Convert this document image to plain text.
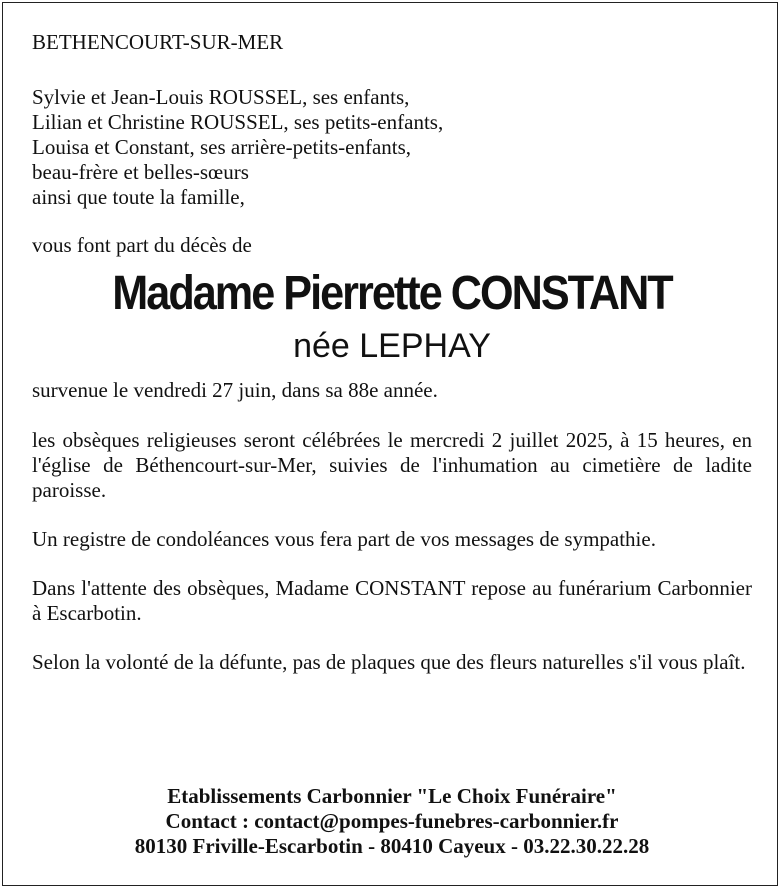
BETHENCOURT-SUR-MER
Sylvie et Jean-Louis ROUSSEL, ses enfants,
Lilian et Christine ROUSSEL, ses petits-enfants,
Louisa et Constant, ses arrière-petits-enfants,
beau-frère et belles-sœurs
ainsi que toute la famille,
vous font part du décès de
Madame Pierrette CONSTANT
née LEPHAY
survenue le vendredi 27 juin, dans sa 88e année.
les obsèques religieuses seront célébrées le mercredi 2 juillet 2025, à 15 heures, en l'église de Béthencourt-sur-Mer, suivies de l'inhumation au cimetière de ladite paroisse.
Un registre de condoléances vous fera part de vos messages de sympathie.
Dans l'attente des obsèques, Madame CONSTANT repose au funérarium Carbonnier à Escarbotin.
Selon la volonté de la défunte, pas de plaques que des fleurs naturelles s'il vous plaît.
Etablissements Carbonnier "Le Choix Funéraire"
Contact : contact@pompes-funebres-carbonnier.fr
80130 Friville-Escarbotin - 80410 Cayeux - 03.22.30.22.28
